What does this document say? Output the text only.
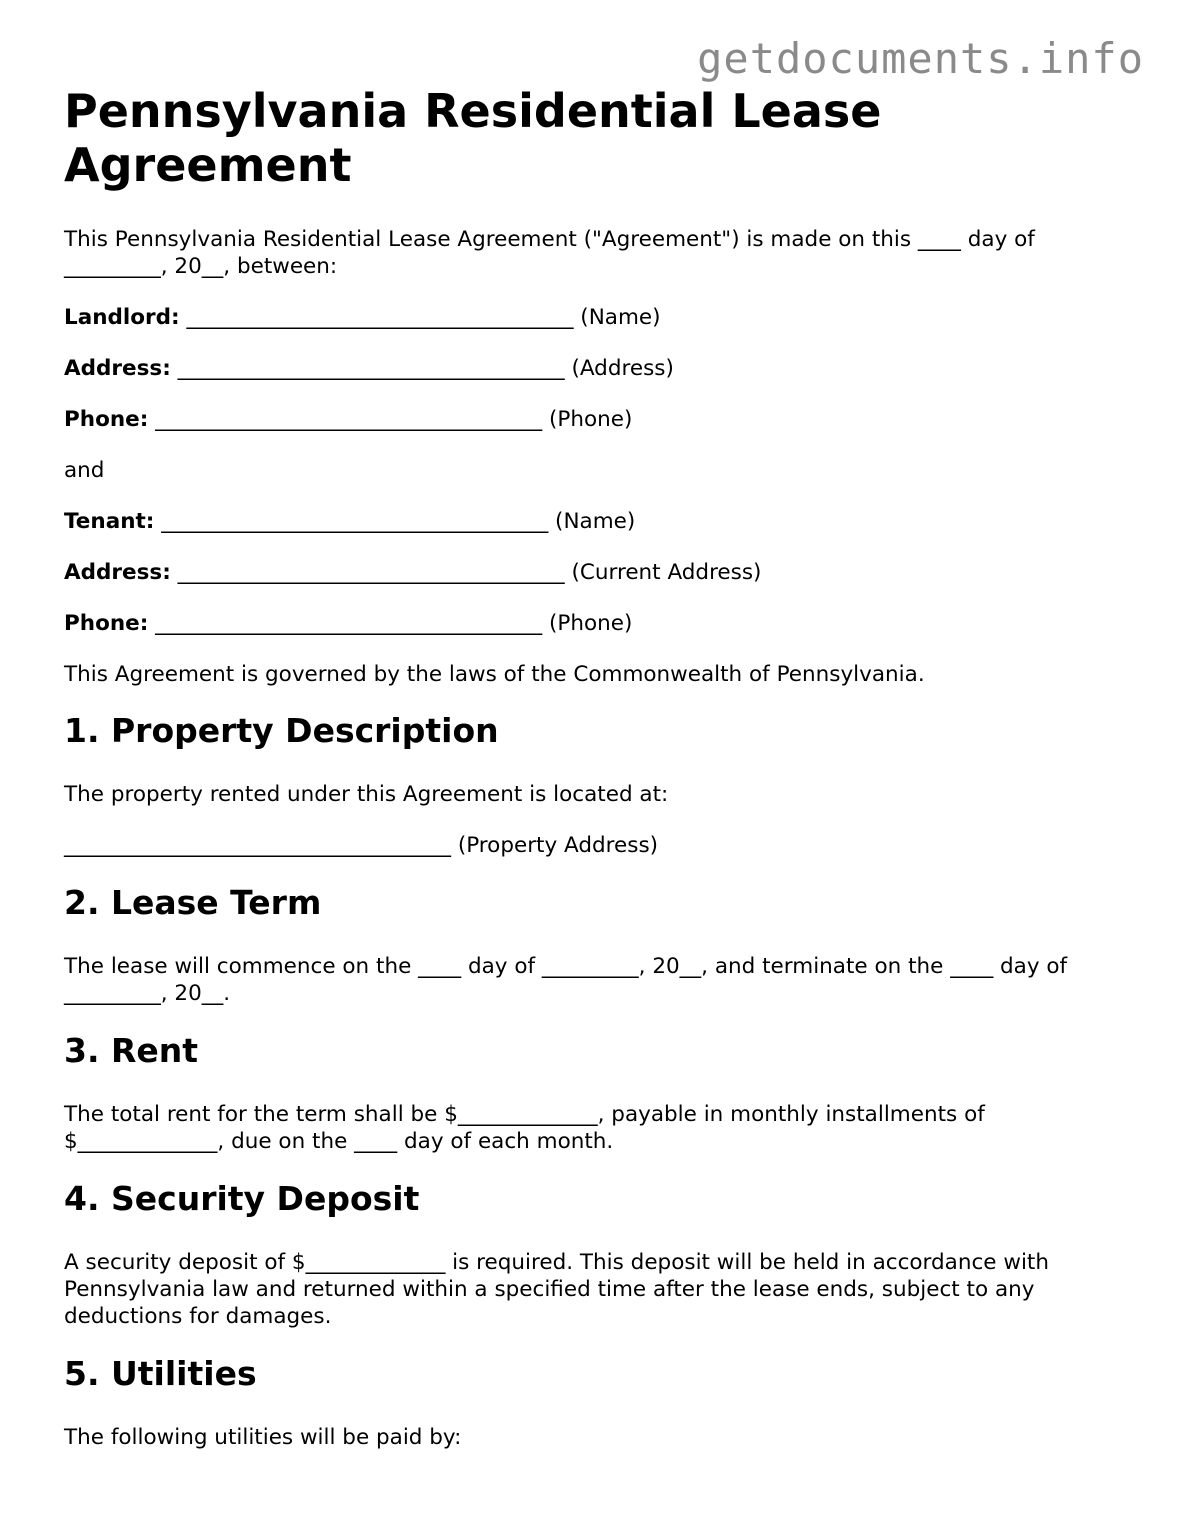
getdocuments.info
Pennsylvania Residential Lease Agreement

This Pennsylvania Residential Lease Agreement ("Agreement") is made on this ____ day of _________, 20__, between:

Landlord: ____________________________________ (Name)

Address: ____________________________________ (Address)

Phone: ____________________________________ (Phone)

and

Tenant: ____________________________________ (Name)

Address: ____________________________________ (Current Address)

Phone: ____________________________________ (Phone)

This Agreement is governed by the laws of the Commonwealth of Pennsylvania.

1. Property Description

The property rented under this Agreement is located at:

____________________________________ (Property Address)

2. Lease Term

The lease will commence on the ____ day of _________, 20__, and terminate on the ____ day of _________, 20__.

3. Rent

The total rent for the term shall be $_____________, payable in monthly installments of $_____________, due on the ____ day of each month.

4. Security Deposit

A security deposit of $_____________ is required. This deposit will be held in accordance with Pennsylvania law and returned within a specified time after the lease ends, subject to any deductions for damages.

5. Utilities

The following utilities will be paid by:
